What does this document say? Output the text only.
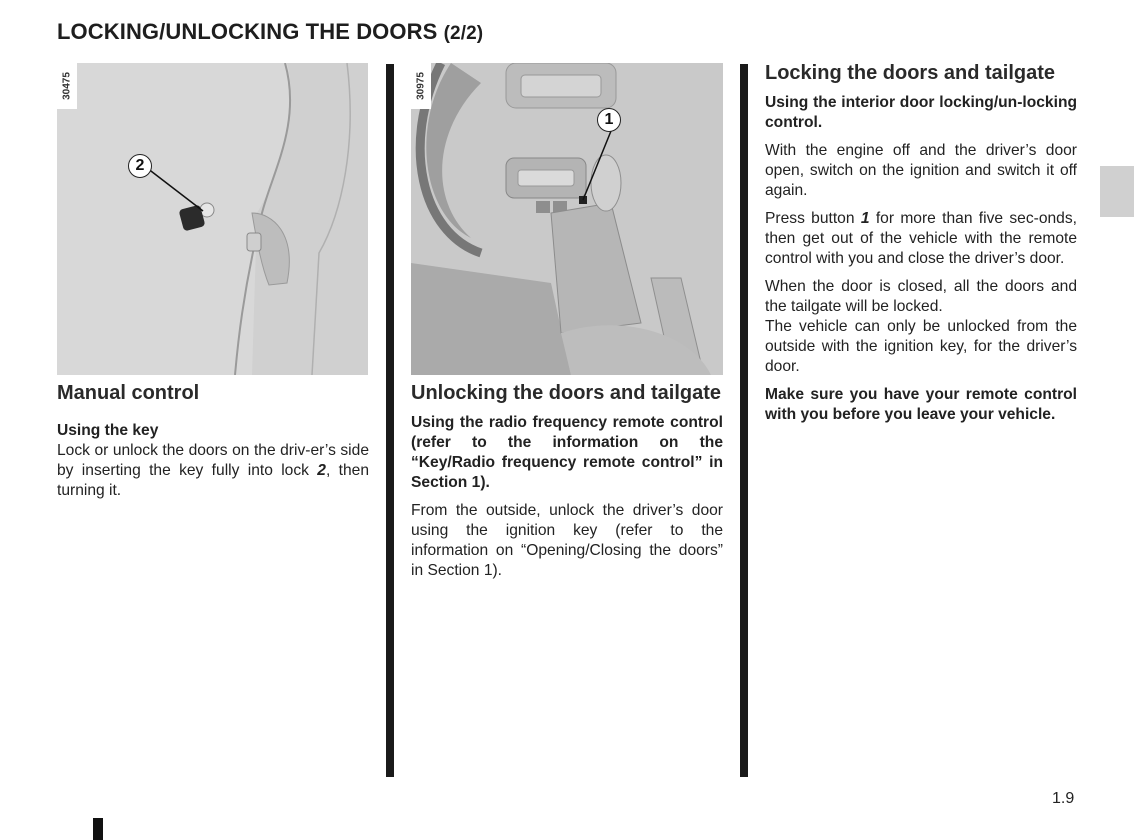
LOCKING/UNLOCKING THE DOORS (2/2)
30475
2
30975
1
Manual control
Using the key

Lock or unlock the doors on the driv-er’s side by inserting the key fully into lock 2, then turning it.

Unlocking the doors and tailgate

Using the radio frequency remote control (refer to the information on the “Key/Radio frequency remote control” in Section 1).

From the outside, unlock the driver’s door using the ignition key (refer to the information on “Opening/Closing the doors” in Section 1).

Locking the doors and tailgate

Using the interior door locking/un-locking control.

With the engine off and the driver’s door open, switch on the ignition and switch it off again.

Press button 1 for more than five sec-onds, then get out of the vehicle with the remote control with you and close the driver’s door.

When the door is closed, all the doors and the tailgate will be locked.

The vehicle can only be unlocked from the outside with the ignition key, for the driver’s door.

Make sure you have your remote control with you before you leave your vehicle.

1.9
